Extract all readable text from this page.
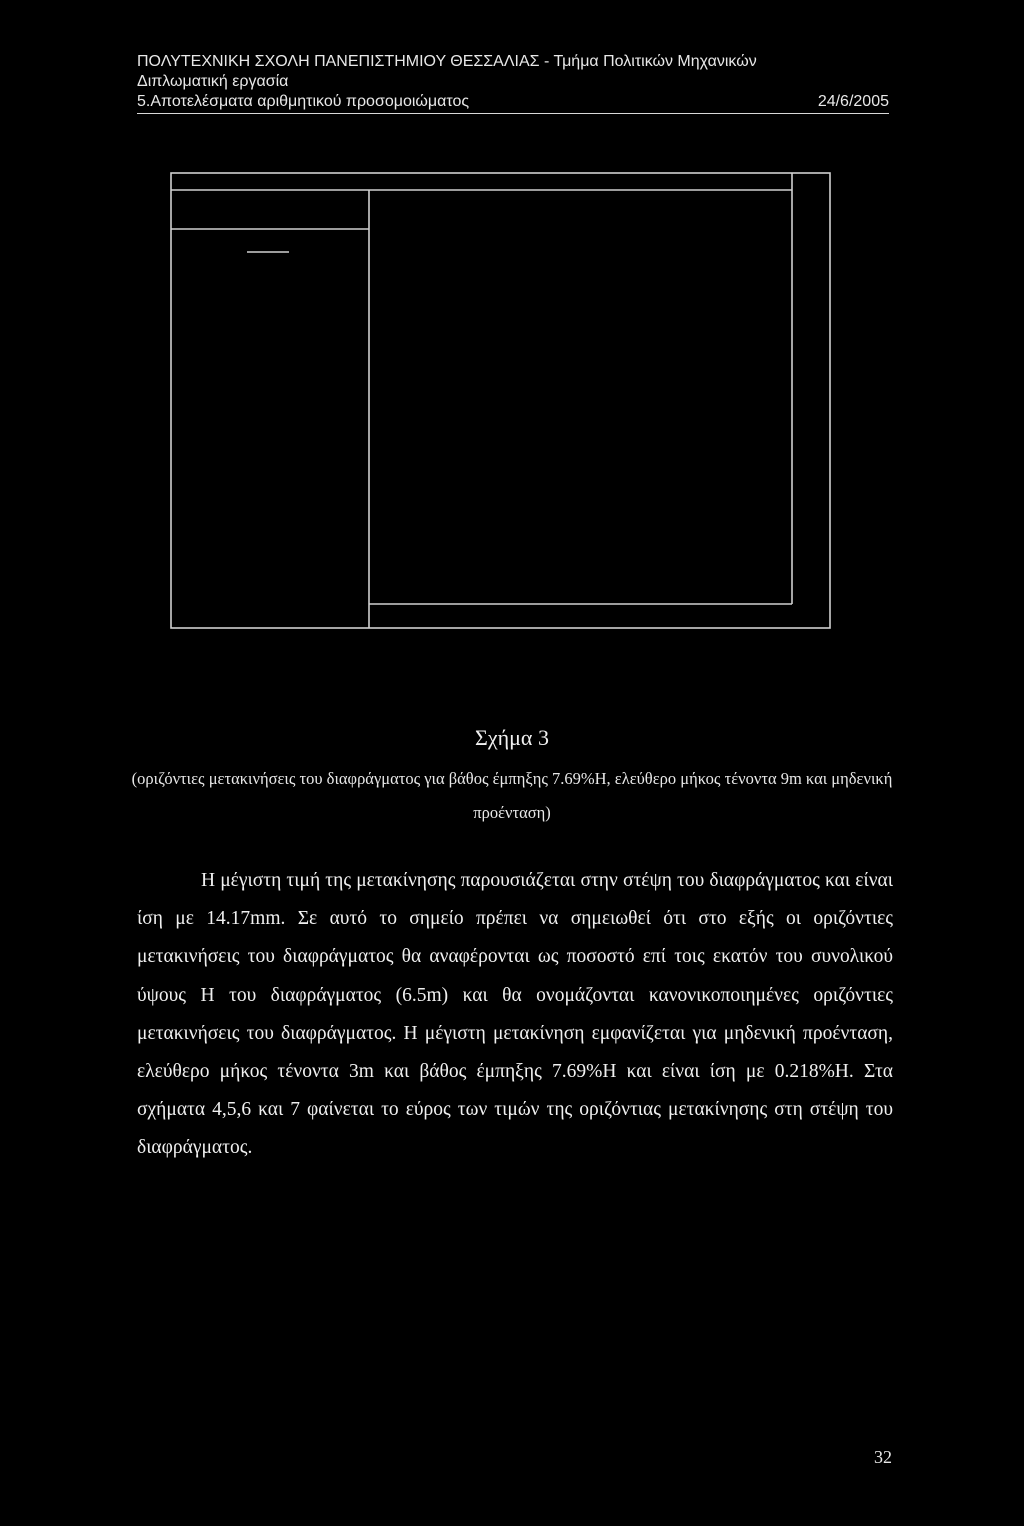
ΠΟΛΥΤΕΧΝΙΚΗ ΣΧΟΛΗ ΠΑΝΕΠΙΣΤΗΜΙΟΥ ΘΕΣΣΑΛΙΑΣ - Τμήμα Πολιτικών Μηχανικών
Διπλωματική εργασία
5.Αποτελέσματα αριθμητικού προσομοιώματος	24/6/2005
Σχήμα 3
(οριζόντιες μετακινήσεις του διαφράγματος για βάθος έμπηξης 7.69%Η, ελεύθερο μήκος τένοντα 9m και μηδενική προένταση)

Η μέγιστη τιμή της μετακίνησης παρουσιάζεται στην στέψη του διαφράγματος και είναι ίση με 14.17mm. Σε αυτό το σημείο πρέπει να σημειωθεί ότι στο εξής οι οριζόντιες μετακινήσεις του διαφράγματος θα αναφέρονται ως ποσοστό επί τοις εκατόν του συνολικού ύψους Η του διαφράγματος (6.5m) και θα ονομάζονται κανονικοποιημένες οριζόντιες μετακινήσεις του διαφράγματος. Η μέγιστη μετακίνηση εμφανίζεται για μηδενική προένταση, ελεύθερο μήκος τένοντα 3m και βάθος έμπηξης 7.69%Η και είναι ίση με 0.218%Η. Στα σχήματα 4,5,6 και 7 φαίνεται το εύρος των τιμών της οριζόντιας μετακίνησης στη στέψη του διαφράγματος.

32
